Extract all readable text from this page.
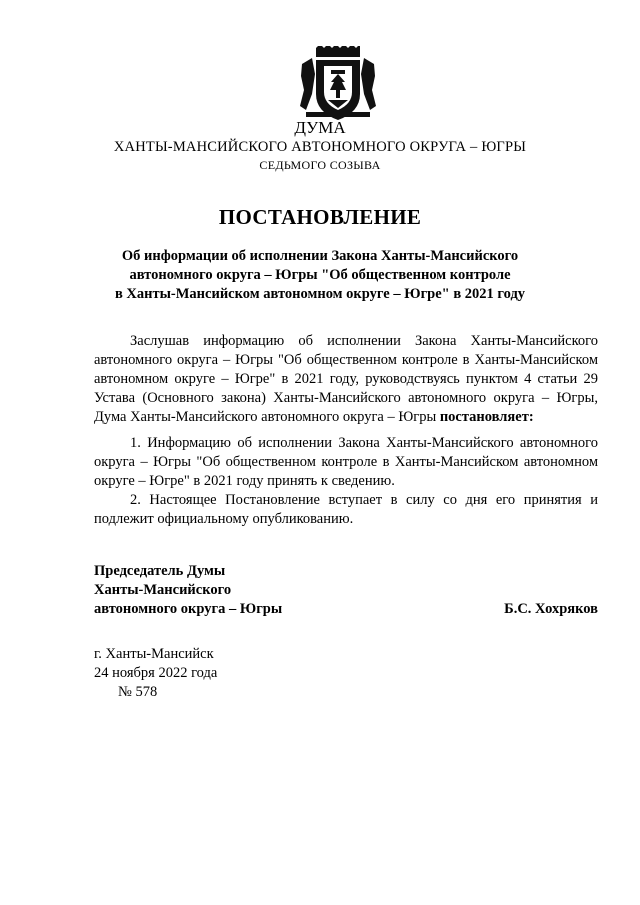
ДУМА
ХАНТЫ-МАНСИЙСКОГО АВТОНОМНОГО ОКРУГА – ЮГРЫ
СЕДЬМОГО СОЗЫВА
ПОСТАНОВЛЕНИЕ
Об информации об исполнении Закона Ханты-Мансийского
автономного округа – Югры "Об общественном контроле
в Ханты-Мансийском автономном округе – Югре" в 2021 году
Заслушав информацию об исполнении Закона Ханты-Мансийского автономного округа – Югры "Об общественном контроле в Ханты-Мансийском автономном округе – Югре" в 2021 году, руководствуясь пунктом 4 статьи 29 Устава (Основного закона) Ханты-Мансийского автономного округа – Югры, Дума Ханты-Мансийского автономного округа – Югры постановляет:
1. Информацию об исполнении Закона Ханты-Мансийского автономного округа – Югры "Об общественном контроле в Ханты-Мансийском автономном округе – Югре" в 2021 году принять к сведению.
2. Настоящее Постановление вступает в силу со дня его принятия и подлежит официальному опубликованию.
Председатель Думы
Ханты-Мансийского
автономного округа – Югры	Б.С. Хохряков
г. Ханты-Мансийск
24 ноября 2022 года
№ 578
